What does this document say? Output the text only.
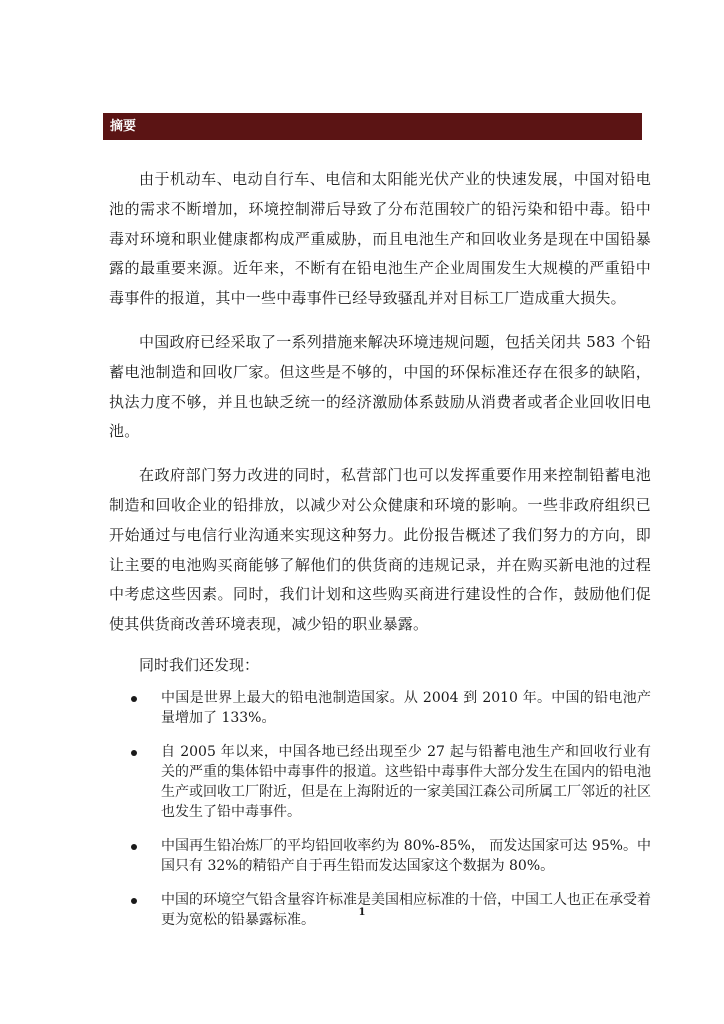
摘要

由于机动车、电动自行车、电信和太阳能光伏产业的快速发展，中国对铅电池的需求不断增加，环境控制滞后导致了分布范围较广的铅污染和铅中毒。铅中毒对环境和职业健康都构成严重威胁，而且电池生产和回收业务是现在中国铅暴露的最重要来源。近年来，不断有在铅电池生产企业周围发生大规模的严重铅中毒事件的报道，其中一些中毒事件已经导致骚乱并对目标工厂造成重大损失。

中国政府已经采取了一系列措施来解决环境违规问题，包括关闭共 583 个铅蓄电池制造和回收厂家。但这些是不够的，中国的环保标准还存在很多的缺陷，执法力度不够，并且也缺乏统一的经济激励体系鼓励从消费者或者企业回收旧电池。

在政府部门努力改进的同时，私营部门也可以发挥重要作用来控制铅蓄电池制造和回收企业的铅排放，以减少对公众健康和环境的影响。一些非政府组织已开始通过与电信行业沟通来实现这种努力。此份报告概述了我们努力的方向，即让主要的电池购买商能够了解他们的供货商的违规记录，并在购买新电池的过程中考虑这些因素。同时，我们计划和这些购买商进行建设性的合作，鼓励他们促使其供货商改善环境表现，减少铅的职业暴露。

同时我们还发现：

中国是世界上最大的铅电池制造国家。从 2004 到 2010 年。中国的铅电池产量增加了 133%。
自 2005 年以来，中国各地已经出现至少 27 起与铅蓄电池生产和回收行业有关的严重的集体铅中毒事件的报道。这些铅中毒事件大部分发生在国内的铅电池生产或回收工厂附近，但是在上海附近的一家美国江森公司所属工厂邻近的社区也发生了铅中毒事件。
中国再生铅冶炼厂的平均铅回收率约为 80%-85%， 而发达国家可达 95%。中国只有 32%的精铅产自于再生铅而发达国家这个数据为 80%。
中国的环境空气铅含量容许标准是美国相应标准的十倍，中国工人也正在承受着更为宽松的铅暴露标准。	1
